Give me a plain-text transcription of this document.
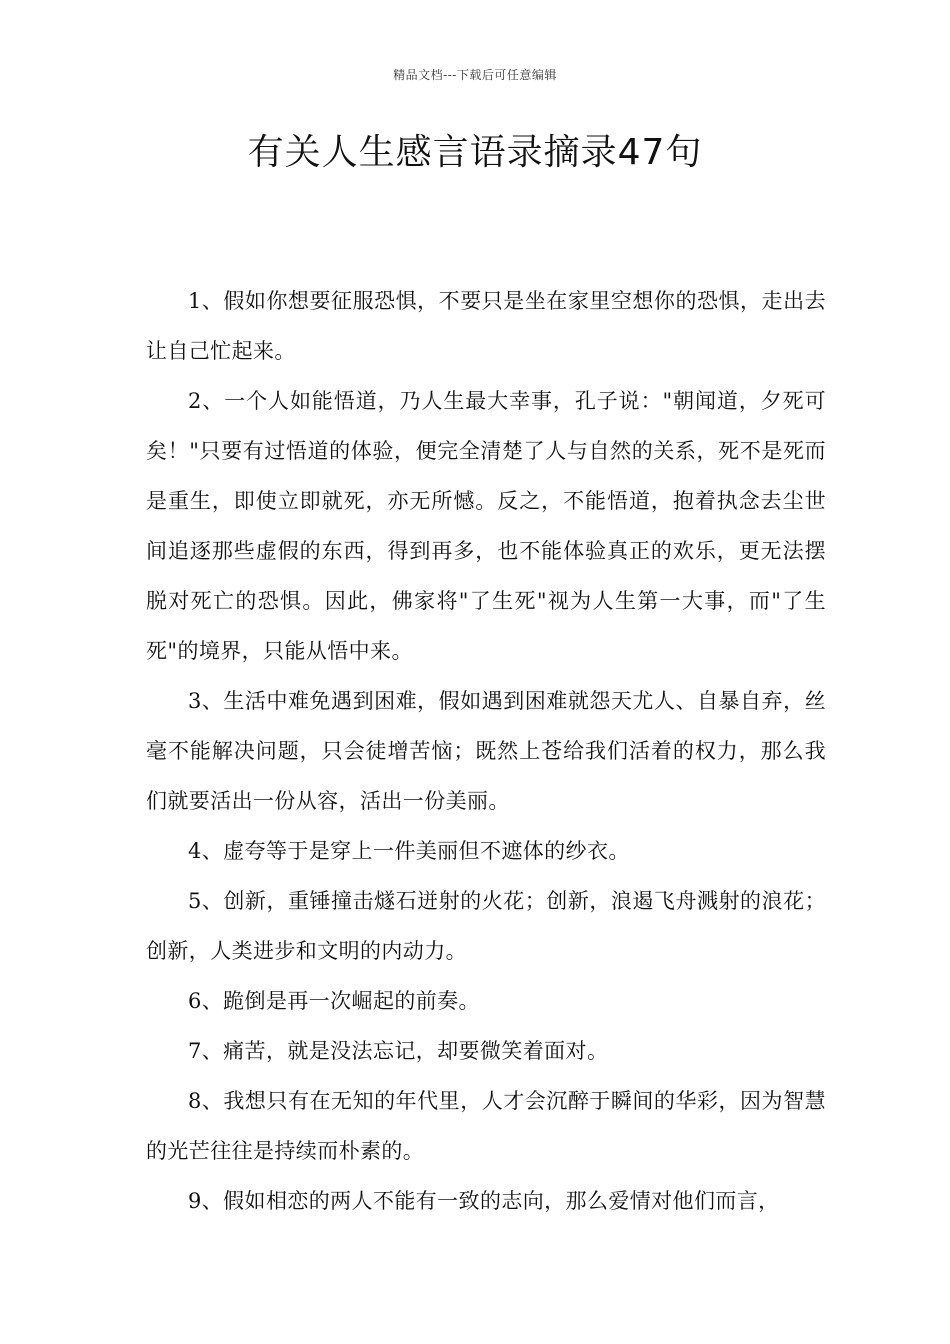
精品文档---下载后可任意编辑
有关人生感言语录摘录47句

1、假如你想要征服恐惧，不要只是坐在家里空想你的恐惧，走出去让自己忙起来。

2、一个人如能悟道，乃人生最大幸事，孔子说："朝闻道，夕死可矣！"只要有过悟道的体验，便完全清楚了人与自然的关系，死不是死而是重生，即使立即就死，亦无所憾。反之，不能悟道，抱着执念去尘世间追逐那些虚假的东西，得到再多，也不能体验真正的欢乐，更无法摆脱对死亡的恐惧。因此，佛家将"了生死"视为人生第一大事，而"了生死"的境界，只能从悟中来。

3、生活中难免遇到困难，假如遇到困难就怨天尤人、自暴自弃，丝毫不能解决问题，只会徒增苦恼；既然上苍给我们活着的权力，那么我们就要活出一份从容，活出一份美丽。

4、虚夸等于是穿上一件美丽但不遮体的纱衣。

5、创新，重锤撞击燧石迸射的火花；创新，浪遏飞舟溅射的浪花；创新，人类进步和文明的内动力。

6、跪倒是再一次崛起的前奏。

7、痛苦，就是没法忘记，却要微笑着面对。

8、我想只有在无知的年代里，人才会沉醉于瞬间的华彩，因为智慧的光芒往往是持续而朴素的。

9、假如相恋的两人不能有一致的志向，那么爱情对他们而言，
